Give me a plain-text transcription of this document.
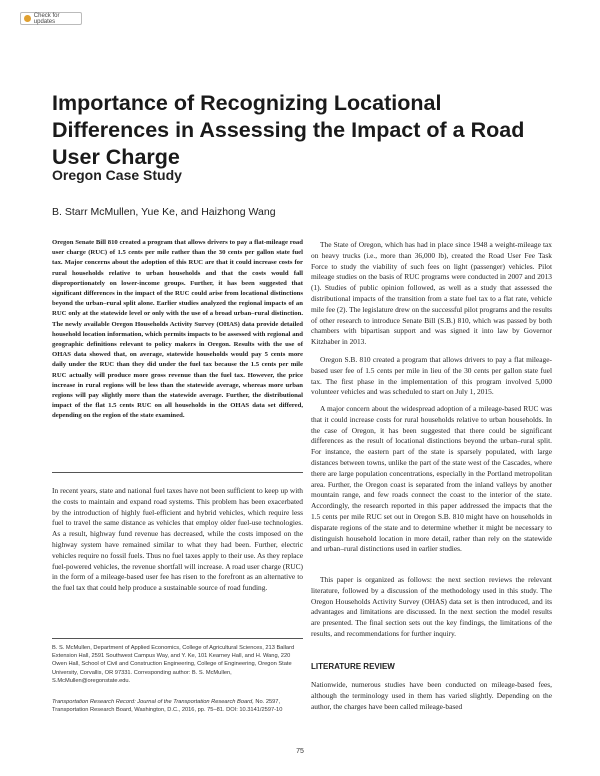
Check for updates
Importance of Recognizing Locational Differences in Assessing the Impact of a Road User Charge
Oregon Case Study

B. Starr McMullen, Yue Ke, and Haizhong Wang

Oregon Senate Bill 810 created a program that allows drivers to pay a flat-mileage road user charge (RUC) of 1.5 cents per mile rather than the 30 cents per gallon state fuel tax. Major concerns about the adoption of this RUC are that it could increase costs for rural households relative to urban households and that the costs would fall disproportionately on lower-income groups. Further, it has been suggested that significant differences in the impact of the RUC could arise from locational distinctions beyond the urban–rural split alone. Earlier studies analyzed the regional impacts of an RUC only at the statewide level or only with the use of a broad urban–rural distinction. The newly available Oregon Households Activity Survey (OHAS) data provide detailed household location information, which permits impacts to be assessed with regional and geographic definitions relevant to policy makers in Oregon. Results with the use of OHAS data showed that, on average, statewide households would pay 5 cents more daily under the RUC than they did under the fuel tax because the 1.5 cents per mile RUC actually will produce more gross revenue than the fuel tax. However, the price increase in rural regions will be less than the statewide average, whereas more urban regions will pay slightly more than the statewide average. Further, the distributional impact of the flat 1.5 cents RUC on all households in the OHAS data set differed, depending on the region of the state examined.

In recent years, state and national fuel taxes have not been sufficient to keep up with the costs to maintain and expand road systems. This problem has been exacerbated by the introduction of highly fuel-efficient and hybrid vehicles, which require less fuel to travel the same distance as vehicles that employ older fuel-use technologies. As a result, highway fund revenue has decreased, while the costs imposed on the highway system have remained similar to what they had been. Further, electric vehicles require no fossil fuels. Thus no fuel taxes apply to their use. As they replace fuel-powered vehicles, the revenue shortfall will increase. A road user charge (RUC) in the form of a mileage-based user fee has risen to the forefront as an alternative to the fuel tax that could help produce a sustainable source of road funding.

B. S. McMullen, Department of Applied Economics, College of Agricultural Sciences, 213 Ballard Extension Hall, 2591 Southwest Campus Way, and Y. Ke, 101 Kearney Hall, and H. Wang, 220 Owen Hall, School of Civil and Construction Engineering, College of Engineering, Oregon State University, Corvallis, OR 97331. Corresponding author: B. S. McMullen, S.McMullen@oregonstate.edu.

Transportation Research Record: Journal of the Transportation Research Board, No. 2597, Transportation Research Board, Washington, D.C., 2016, pp. 75–81. DOI: 10.3141/2597-10

The State of Oregon, which has had in place since 1948 a weight-mileage tax on heavy trucks (i.e., more than 36,000 lb), created the Road User Fee Task Force to study the viability of such fees on light (passenger) vehicles. Pilot mileage studies on the basis of RUC programs were conducted in 2007 and 2013 (1). Studies of public opinion followed, as well as a study that assessed the distributional impacts of the transition from a state fuel tax to a flat rate, vehicle mile fee (2). The legislature drew on the successful pilot programs and the results of other research to introduce Senate Bill (S.B.) 810, which was passed by both chambers with bipartisan support and was signed it into law by Governor Kitzhaber in 2013.

Oregon S.B. 810 created a program that allows drivers to pay a flat mileage-based user fee of 1.5 cents per mile in lieu of the 30 cents per gallon state fuel tax. The first phase in the implementation of this program involved 5,000 volunteer vehicles and was scheduled to start on July 1, 2015.

A major concern about the widespread adoption of a mileage-based RUC was that it could increase costs for rural households relative to urban households. In the case of Oregon, it has been suggested that there could be significant differences as the result of locational distinctions beyond the urban–rural split. For instance, the eastern part of the state is sparsely populated, with large distances between towns, unlike the part of the state west of the Cascades, where there are large population concentrations, especially in the Portland metropolitan area. Further, the Oregon coast is separated from the inland valleys by another mountain range, and few roads connect the coast to the interior of the state. Accordingly, the research reported in this paper addressed the impacts that the 1.5 cents per mile RUC set out in Oregon S.B. 810 might have on households in disparate regions of the state and to determine whether it might be necessary to distinguish household location in more detail, rather than rely on the statewide and urban–rural distinctions used in earlier studies.

This paper is organized as follows: the next section reviews the relevant literature, followed by a discussion of the methodology used in this study. The Oregon Households Activity Survey (OHAS) data set is then introduced, and its advantages and limitations are discussed. In the next section the model results are presented. The final section sets out the key findings, the limitations of the results, and recommendations for further inquiry.

LITERATURE REVIEW

Nationwide, numerous studies have been conducted on mileage-based fees, although the terminology used in them has varied slightly. Depending on the author, the charges have been called mileage-based

75
